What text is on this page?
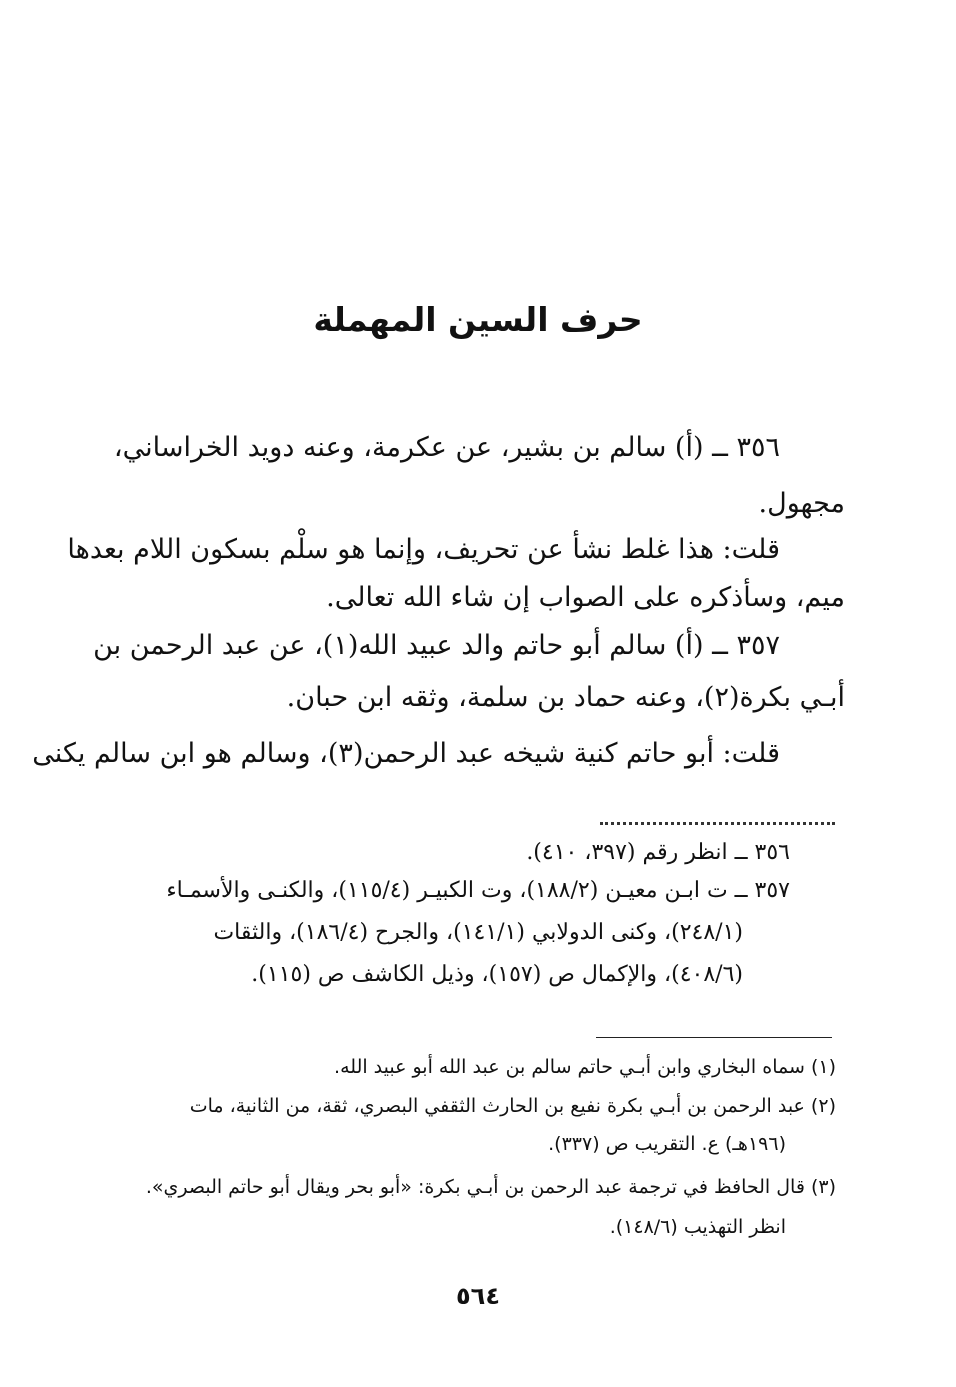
حرف السين المهملة
٣٥٦ ــ (أ) سالم بن بشير، عن عكرمة، وعنه دويد الخراساني،
مجهول.
قلت: هذا غلط نشأ عن تحريف، وإنما هو سلْم بسكون اللام بعدها
ميم، وسأذكره على الصواب إن شاء الله تعالى.
٣٥٧ ــ (أ) سالم أبو حاتم والد عبيد الله(١)، عن عبد الرحمن بن
أبـي بكرة(٢)، وعنه حماد بن سلمة، وثقه ابن حبان.
قلت: أبو حاتم كنية شيخه عبد الرحمن(٣)، وسالم هو ابن سالم يكنى
٣٥٦ ــ انظر رقم (٣٩٧، ٤١٠).
٣٥٧ ــ ت ابـن معيـن (١٨٨/٢)، وت الكبيـر (١١٥/٤)، والكنـى والأسمـاء
(٢٤٨/١)، وكنى الدولابي (١٤١/١)، والجرح (١٨٦/٤)، والثقات
(٤٠٨/٦)، والإكمال ص (١٥٧)، وذيل الكاشف ص (١١٥).
(١) سماه البخاري وابن أبـي حاتم سالم بن عبد الله أبو عبيد الله.
(٢) عبد الرحمن بن أبـي بكرة نفيع بن الحارث الثقفي البصري، ثقة، من الثانية، مات
(١٩٦هـ) ع. التقريب ص (٣٣٧).
(٣) قال الحافظ في ترجمة عبد الرحمن بن أبـي بكرة: «أبو بحر ويقال أبو حاتم البصري».
انظر التهذيب (١٤٨/٦).
٥٦٤
